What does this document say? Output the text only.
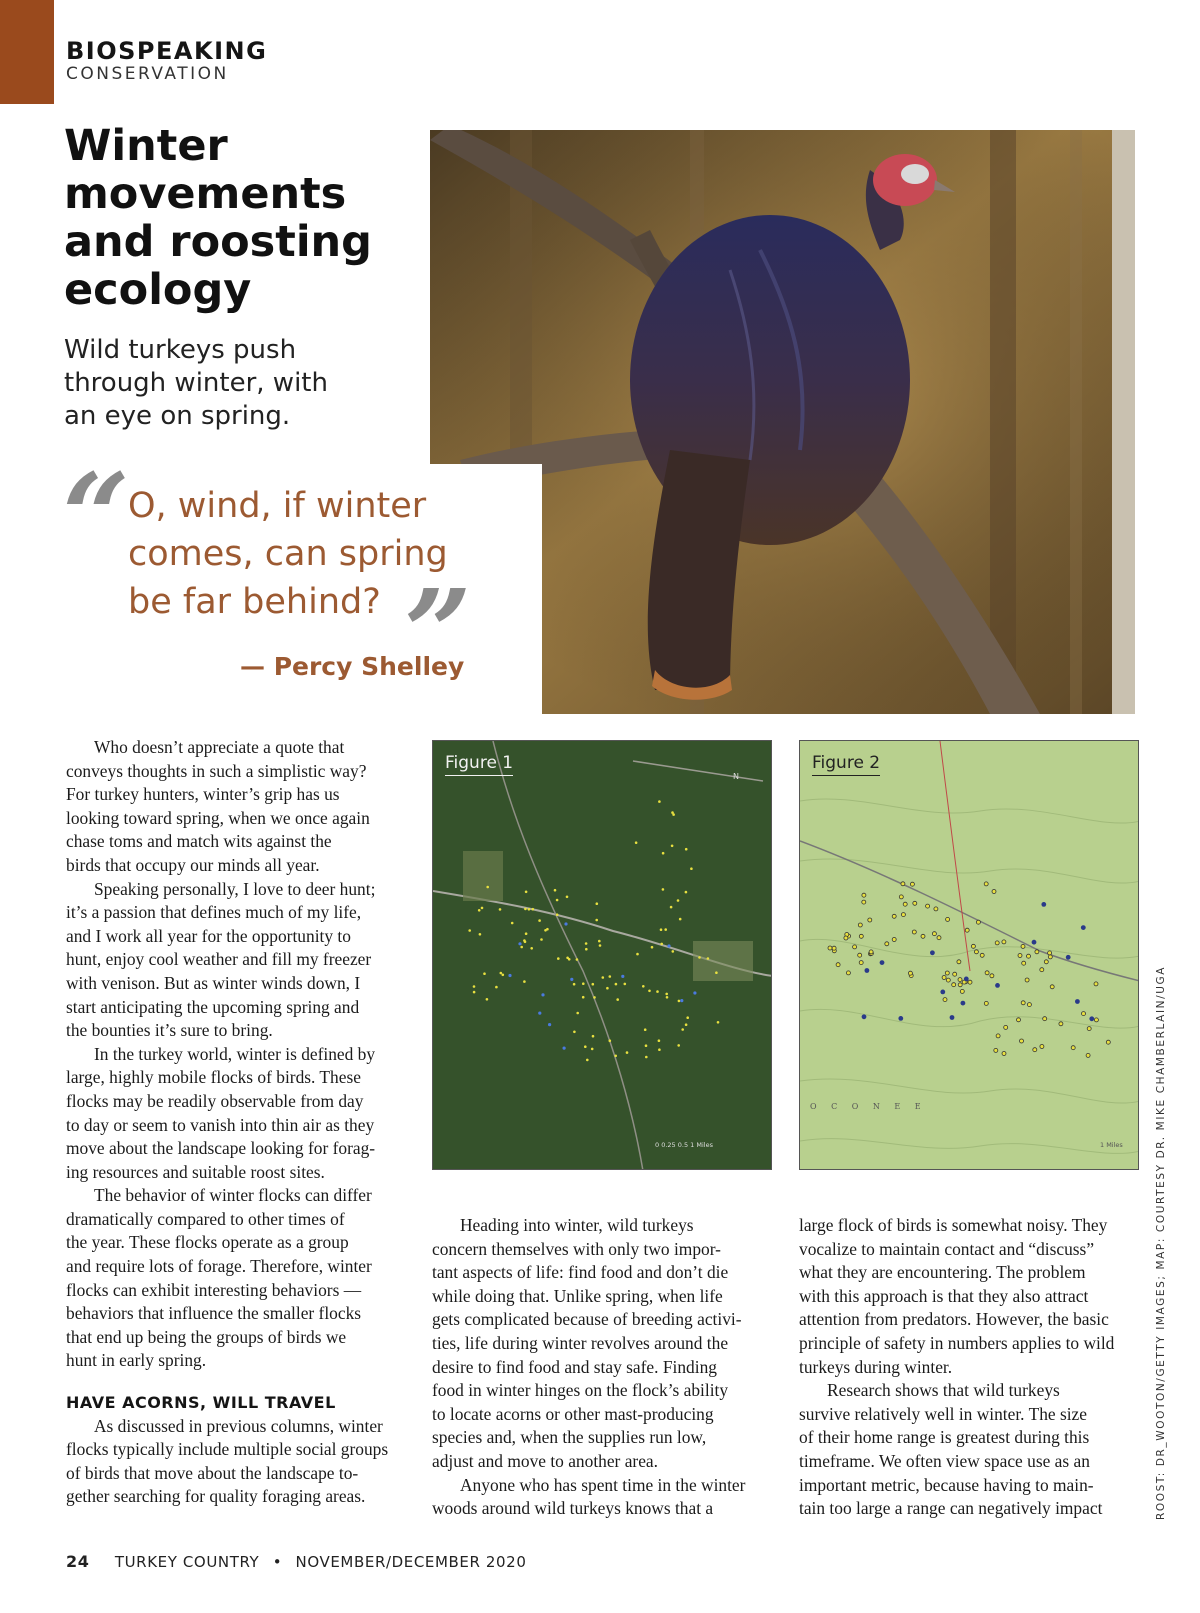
BIOSPEAKING
CONSERVATION
Winter
movements
and roosting
ecology
Wild turkeys push
through winter, with
an eye on spring.
“
O, wind, if winter
comes, can spring
be far behind? ”
— Percy Shelley
Who doesn’t appreciate a quote that
conveys thoughts in such a simplistic way?
For turkey hunters, winter’s grip has us
looking toward spring, when we once again
chase toms and match wits against the
birds that occupy our minds all year.
Speaking personally, I love to deer hunt;
it’s a passion that defines much of my life,
and I work all year for the opportunity to
hunt, enjoy cool weather and fill my freezer
with venison. But as winter winds down, I
start anticipating the upcoming spring and
the bounties it’s sure to bring.
In the turkey world, winter is defined by
large, highly mobile flocks of birds. These
flocks may be readily observable from day
to day or seem to vanish into thin air as they
move about the landscape looking for forag-
ing resources and suitable roost sites.
The behavior of winter flocks can differ
dramatically compared to other times of
the year. These flocks operate as a group
and require lots of forage. Therefore, winter
flocks can exhibit interesting behaviors —
behaviors that influence the smaller flocks
that end up being the groups of birds we
hunt in early spring.
HAVE ACORNS, WILL TRAVEL
As discussed in previous columns, winter
flocks typically include multiple social groups
of birds that move about the landscape to-
gether searching for quality foraging areas.
N
0 0.25 0.5 1 Miles
Figure 1
O C O N E E
1 Miles
Figure 2
Heading into winter, wild turkeys
concern themselves with only two impor-
tant aspects of life: find food and don’t die
while doing that. Unlike spring, when life
gets complicated because of breeding activi-
ties, life during winter revolves around the
desire to find food and stay safe. Finding
food in winter hinges on the flock’s ability
to locate acorns or other mast-producing
species and, when the supplies run low,
adjust and move to another area.
Anyone who has spent time in the winter
woods around wild turkeys knows that a
large flock of birds is somewhat noisy. They
vocalize to maintain contact and “discuss”
what they are encountering. The problem
with this approach is that they also attract
attention from predators. However, the basic
principle of safety in numbers applies to wild
turkeys during winter.
Research shows that wild turkeys
survive relatively well in winter. The size
of their home range is greatest during this
timeframe. We often view space use as an
important metric, because having to main-
tain too large a range can negatively impact	ROOST: DR_WOOTON/GETTY IMAGES; MAP: COURTESY DR. MIKE CHAMBERLAIN/UGA
24 TURKEY COUNTRY • NOVEMBER/DECEMBER 2020
